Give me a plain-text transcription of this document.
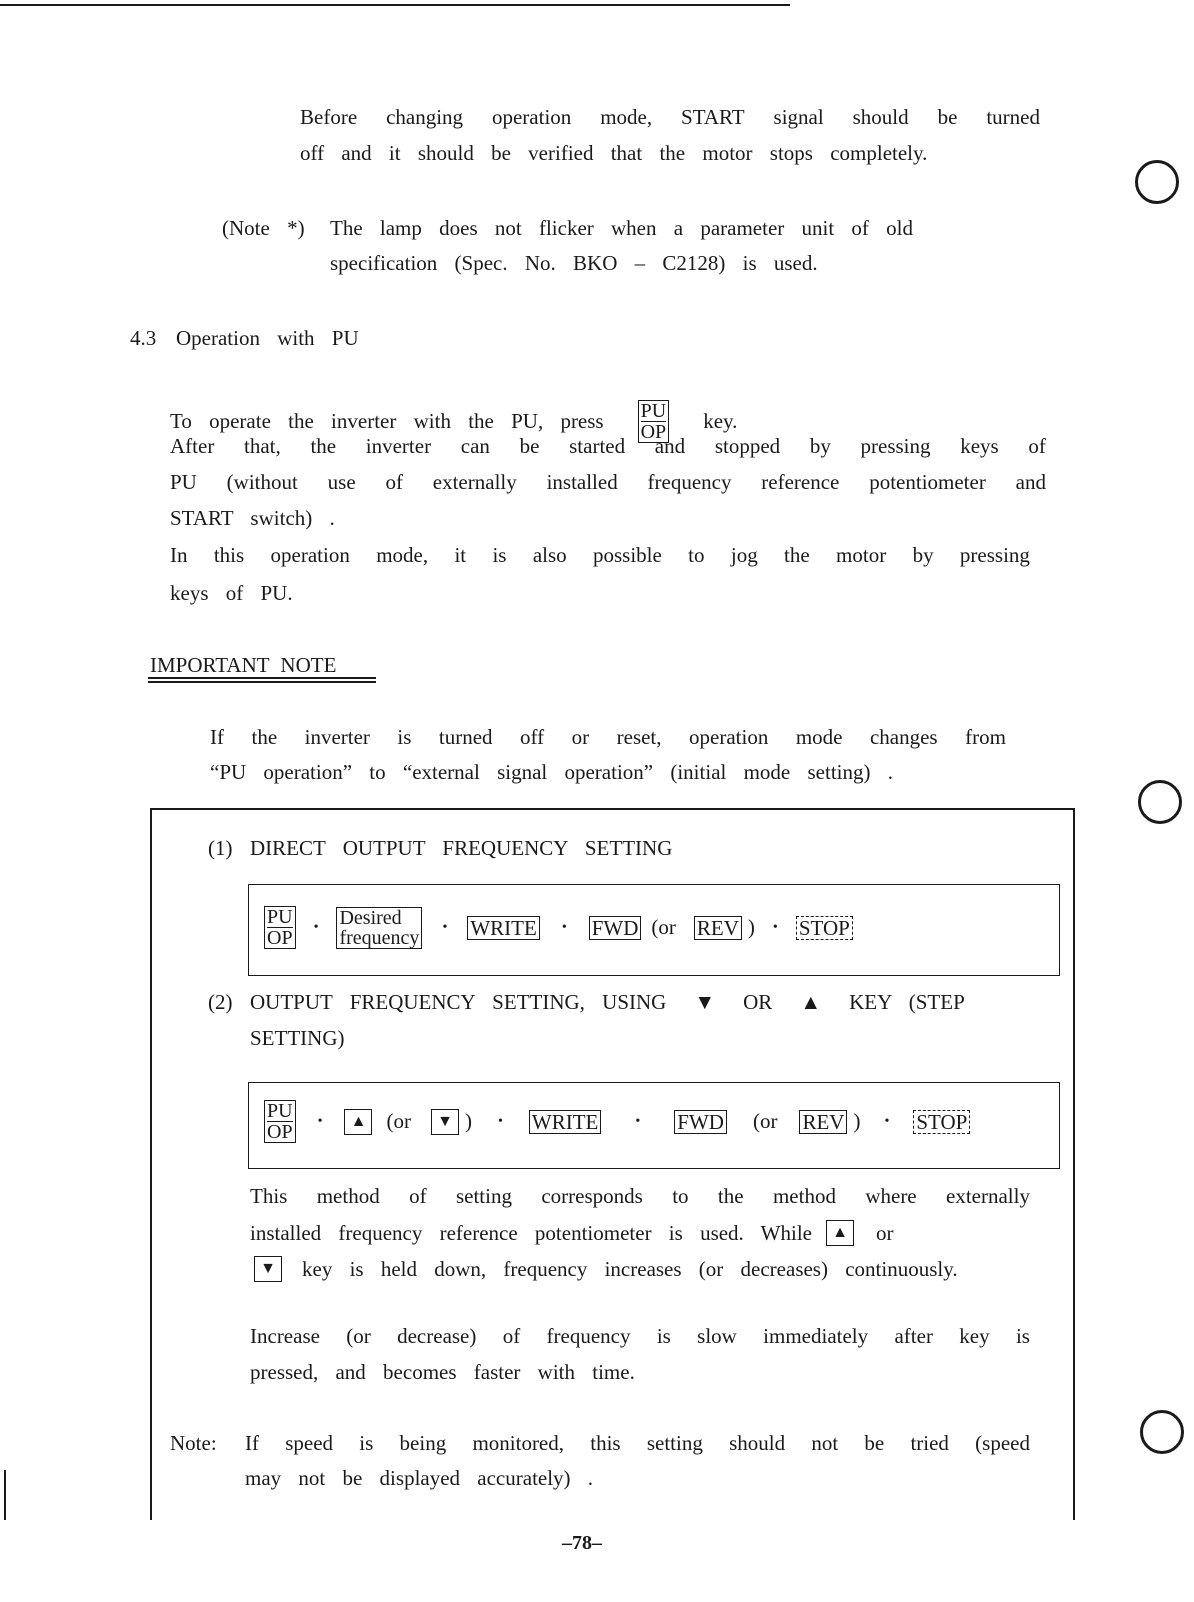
Before changing operation mode, START signal should be turned
off and it should be verified that the motor stops completely.
(Note *) The lamp does not flicker when a parameter unit of old
specification (Spec. No. BKO – C2128) is used.
4.3 Operation with PU
To operate the inverter with the PU, press PU
OP key.
After that, the inverter can be started and stopped by pressing keys of
PU (without use of externally installed frequency reference potentiometer and
START switch) .
In this operation mode, it is also possible to jog the motor by pressing
keys of PU.
IMPORTANT NOTE
If the inverter is turned off or reset, operation mode changes from
“PU operation” to “external signal operation” (initial mode setting) .
(1) DIRECT OUTPUT FREQUENCY SETTING
PU
OP • Desired
frequency • WRITE • FWD (or REV ) • STOP
(2) OUTPUT FREQUENCY SETTING, USING ▼ OR ▲ KEY (STEP
SETTING)
PU
OP •	▲ (or	▼ ) • WRITE	• FWD (or REV ) • STOP
This method of setting corresponds to the method where externally
installed frequency reference potentiometer is used. While	▲ or
▼ key is held down, frequency increases (or decreases) continuously.
Increase (or decrease) of frequency is slow immediately after key is
pressed, and becomes faster with time.
Note: If speed is being monitored, this setting should not be tried (speed
may not be displayed accurately) .
–78–
